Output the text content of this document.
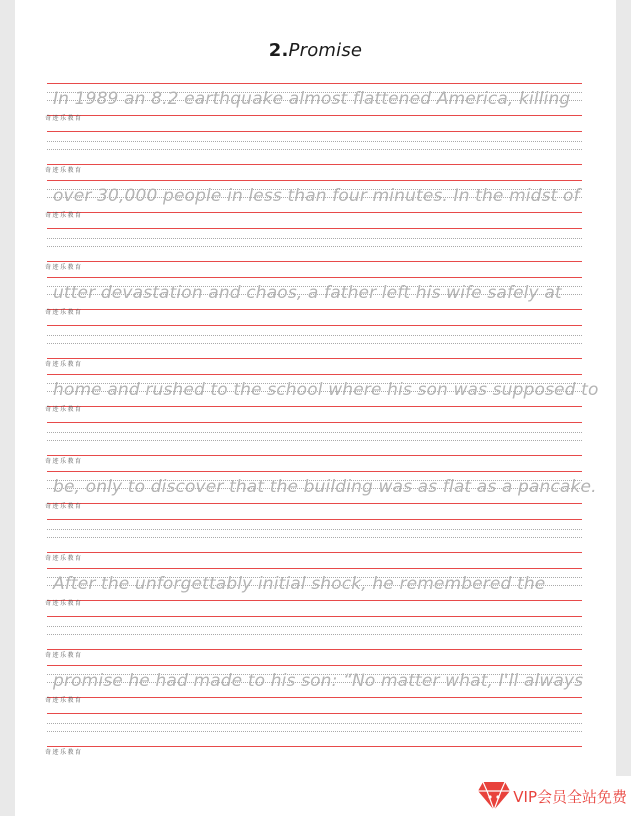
2.Promise
In 1989 an 8.2 earthquake almost flattened America, killing
奇迹乐教育
奇迹乐教育
over 30,000 people in less than four minutes. In the midst of
奇迹乐教育
奇迹乐教育
utter devastation and chaos, a father left his wife safely at
奇迹乐教育
奇迹乐教育
home and rushed to the school where his son was supposed to
奇迹乐教育
奇迹乐教育
be, only to discover that the building was as flat as a pancake.
奇迹乐教育
奇迹乐教育
After the unforgettably initial shock, he remembered the
奇迹乐教育
奇迹乐教育
promise he had made to his son: “No matter what, I'll always
奇迹乐教育
奇迹乐教育
VIP会员全站免费
